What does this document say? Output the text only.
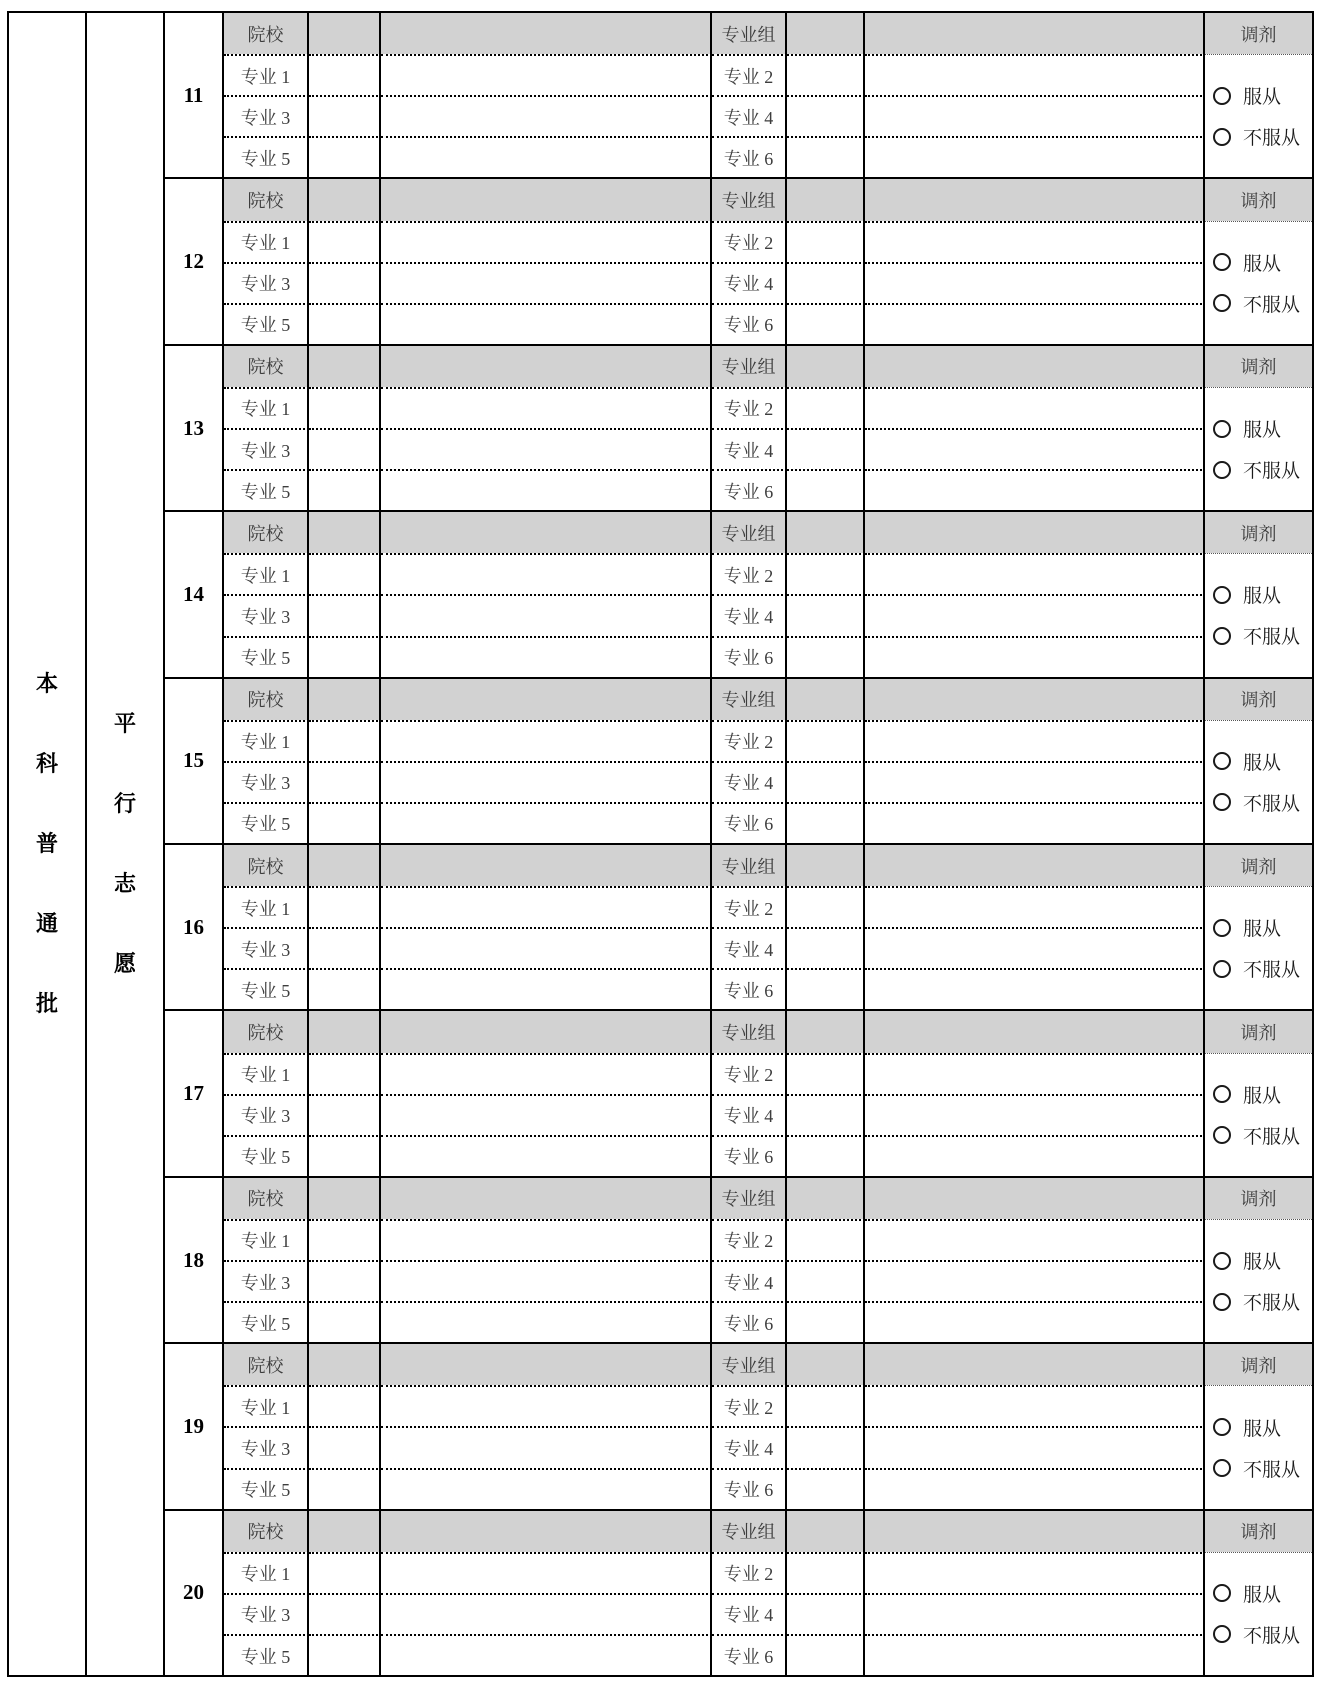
本
科
普
通
批
平
行
志
愿
11
院校	专业组	调剂
专业 1	专业 2
专业 3	专业 4
专业 5	专业 6
服从
不服从
12
院校	专业组	调剂
专业 1	专业 2
专业 3	专业 4
专业 5	专业 6
服从
不服从
13
院校	专业组	调剂
专业 1	专业 2
专业 3	专业 4
专业 5	专业 6
服从
不服从
14
院校	专业组	调剂
专业 1	专业 2
专业 3	专业 4
专业 5	专业 6
服从
不服从
15
院校	专业组	调剂
专业 1	专业 2
专业 3	专业 4
专业 5	专业 6
服从
不服从
16
院校	专业组	调剂
专业 1	专业 2
专业 3	专业 4
专业 5	专业 6
服从
不服从
17
院校	专业组	调剂
专业 1	专业 2
专业 3	专业 4
专业 5	专业 6
服从
不服从
18
院校	专业组	调剂
专业 1	专业 2
专业 3	专业 4
专业 5	专业 6
服从
不服从
19
院校	专业组	调剂
专业 1	专业 2
专业 3	专业 4
专业 5	专业 6
服从
不服从
20
院校	专业组	调剂
专业 1	专业 2
专业 3	专业 4
专业 5	专业 6
服从
不服从
